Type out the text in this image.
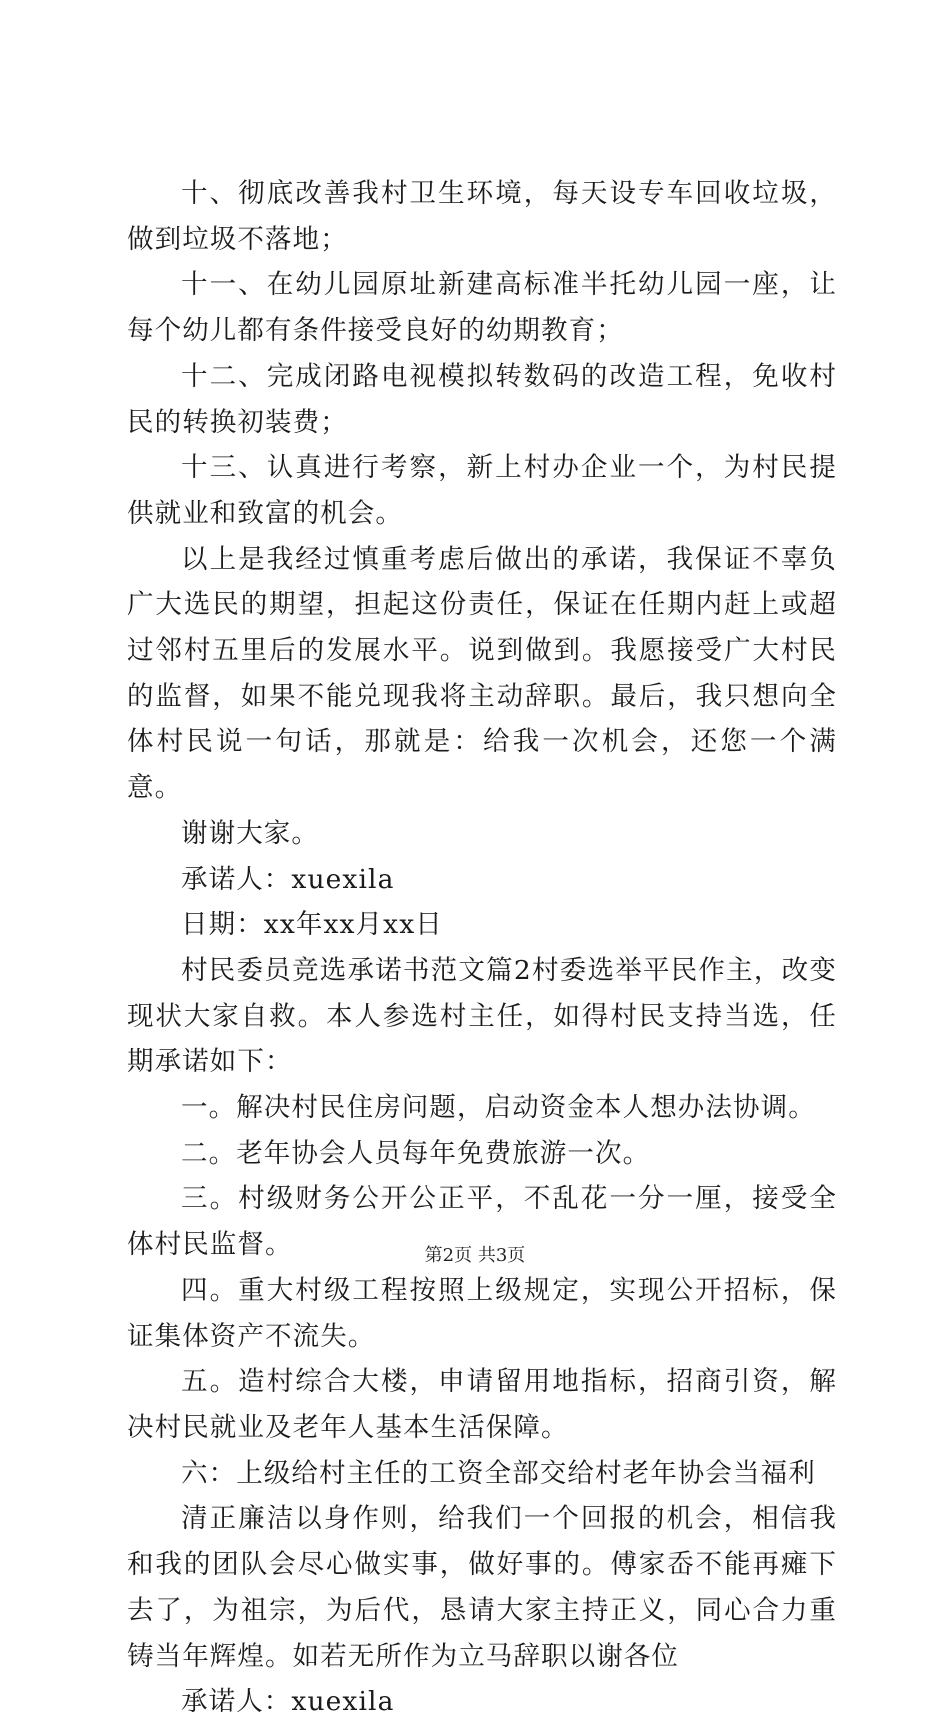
十、彻底改善我村卫生环境，每天设专车回收垃圾，做到垃圾不落地；

十一、在幼儿园原址新建高标准半托幼儿园一座，让每个幼儿都有条件接受良好的幼期教育；

十二、完成闭路电视模拟转数码的改造工程，免收村民的转换初装费；

十三、认真进行考察，新上村办企业一个，为村民提供就业和致富的机会。

以上是我经过慎重考虑后做出的承诺，我保证不辜负广大选民的期望，担起这份责任，保证在任期内赶上或超过邻村五里后的发展水平。说到做到。我愿接受广大村民的监督，如果不能兑现我将主动辞职。最后，我只想向全体村民说一句话，那就是：给我一次机会，还您一个满意。

谢谢大家。

承诺人：xuexila

日期：xx年xx月xx日

村民委员竞选承诺书范文篇2村委选举平民作主，改变现状大家自救。本人参选村主任，如得村民支持当选，任期承诺如下：

一。解决村民住房问题，启动资金本人想办法协调。

二。老年协会人员每年免费旅游一次。

三。村级财务公开公正平，不乱花一分一厘，接受全体村民监督。

四。重大村级工程按照上级规定，实现公开招标，保证集体资产不流失。

五。造村综合大楼，申请留用地指标，招商引资，解决村民就业及老年人基本生活保障。

六：上级给村主任的工资全部交给村老年协会当福利

清正廉洁以身作则，给我们一个回报的机会，相信我和我的团队会尽心做实事，做好事的。傅家岙不能再瘫下去了，为祖宗，为后代，恳请大家主持正义，同心合力重铸当年辉煌。如若无所作为立马辞职以谢各位

承诺人：xuexila

第2页 共3页
